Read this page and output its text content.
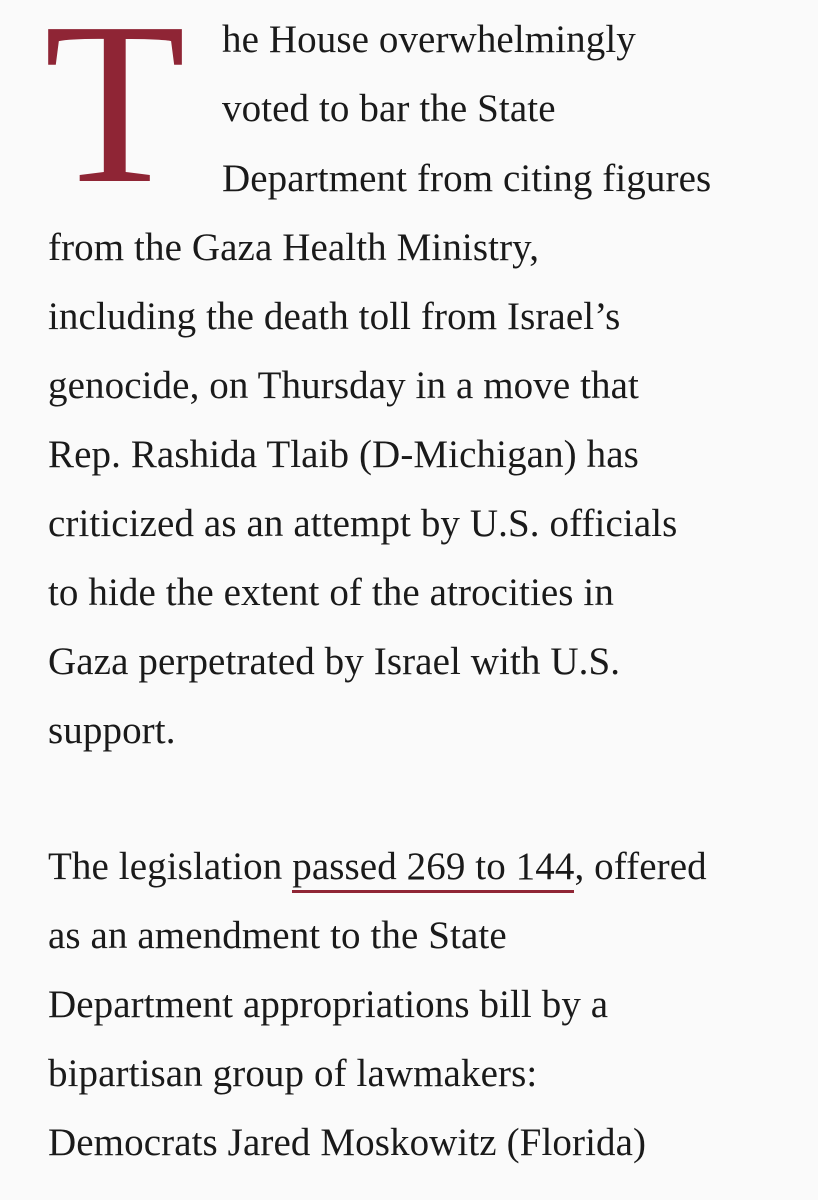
T he House overwhelmingly
voted to bar the State
Department from citing figures
from the Gaza Health Ministry,
including the death toll from Israel’s
genocide, on Thursday in a move that
Rep. Rashida Tlaib (D-Michigan) has
criticized as an attempt by U.S. officials
to hide the extent of the atrocities in
Gaza perpetrated by Israel with U.S.
support.
The legislation passed 269 to 144, offered
as an amendment to the State
Department appropriations bill by a
bipartisan group of lawmakers:
Democrats Jared Moskowitz (Florida)
